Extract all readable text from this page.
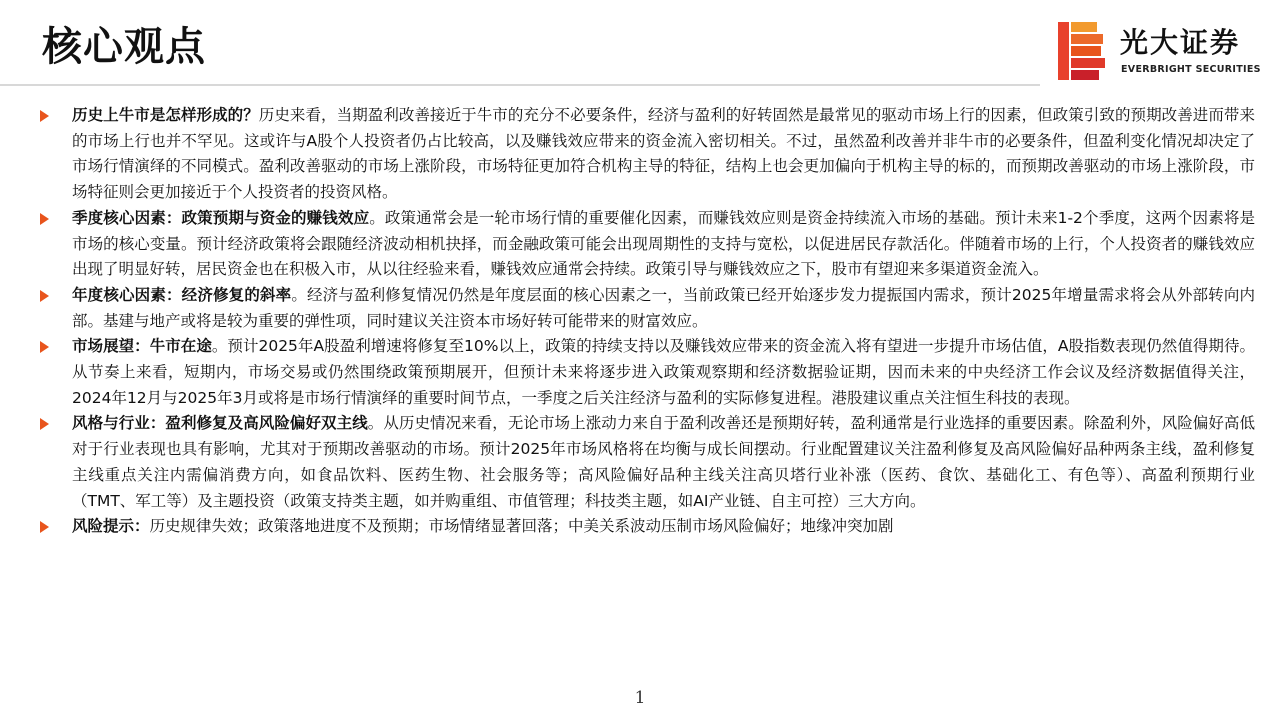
核心观点	光大证券
EVERBRIGHT SECURITIES
历史上牛市是怎样形成的？历史来看，当期盈利改善接近于牛市的充分不必要条件，经济与盈利的好转固然是最常见的驱动市场上行的因素，但政策引致的预期改善进而带来的市场上行也并不罕见。这或许与A股个人投资者仍占比较高，以及赚钱效应带来的资金流入密切相关。不过，虽然盈利改善并非牛市的必要条件，但盈利变化情况却决定了市场行情演绎的不同模式。盈利改善驱动的市场上涨阶段，市场特征更加符合机构主导的特征，结构上也会更加偏向于机构主导的标的，而预期改善驱动的市场上涨阶段，市场特征则会更加接近于个人投资者的投资风格。
季度核心因素：政策预期与资金的赚钱效应。政策通常会是一轮市场行情的重要催化因素，而赚钱效应则是资金持续流入市场的基础。预计未来1-2个季度，这两个因素将是市场的核心变量。预计经济政策将会跟随经济波动相机抉择，而金融政策可能会出现周期性的支持与宽松，以促进居民存款活化。伴随着市场的上行，个人投资者的赚钱效应出现了明显好转，居民资金也在积极入市，从以往经验来看，赚钱效应通常会持续。政策引导与赚钱效应之下，股市有望迎来多渠道资金流入。
年度核心因素：经济修复的斜率。经济与盈利修复情况仍然是年度层面的核心因素之一，当前政策已经开始逐步发力提振国内需求，预计2025年增量需求将会从外部转向内部。基建与地产或将是较为重要的弹性项，同时建议关注资本市场好转可能带来的财富效应。
市场展望：牛市在途。预计2025年A股盈利增速将修复至10%以上，政策的持续支持以及赚钱效应带来的资金流入将有望进一步提升市场估值，A股指数表现仍然值得期待。从节奏上来看，短期内，市场交易或仍然围绕政策预期展开，但预计未来将逐步进入政策观察期和经济数据验证期，因而未来的中央经济工作会议及经济数据值得关注，2024年12月与2025年3月或将是市场行情演绎的重要时间节点，一季度之后关注经济与盈利的实际修复进程。港股建议重点关注恒生科技的表现。
风格与行业：盈利修复及高风险偏好双主线。从历史情况来看，无论市场上涨动力来自于盈利改善还是预期好转，盈利通常是行业选择的重要因素。除盈利外，风险偏好高低对于行业表现也具有影响，尤其对于预期改善驱动的市场。预计2025年市场风格将在均衡与成长间摆动。行业配置建议关注盈利修复及高风险偏好品种两条主线，盈利修复主线重点关注内需偏消费方向，如食品饮料、医药生物、社会服务等；高风险偏好品种主线关注高贝塔行业补涨（医药、食饮、基础化工、有色等）、高盈利预期行业（TMT、军工等）及主题投资（政策支持类主题，如并购重组、市值管理；科技类主题，如AI产业链、自主可控）三大方向。
风险提示：历史规律失效；政策落地进度不及预期；市场情绪显著回落；中美关系波动压制市场风险偏好；地缘冲突加剧
1
